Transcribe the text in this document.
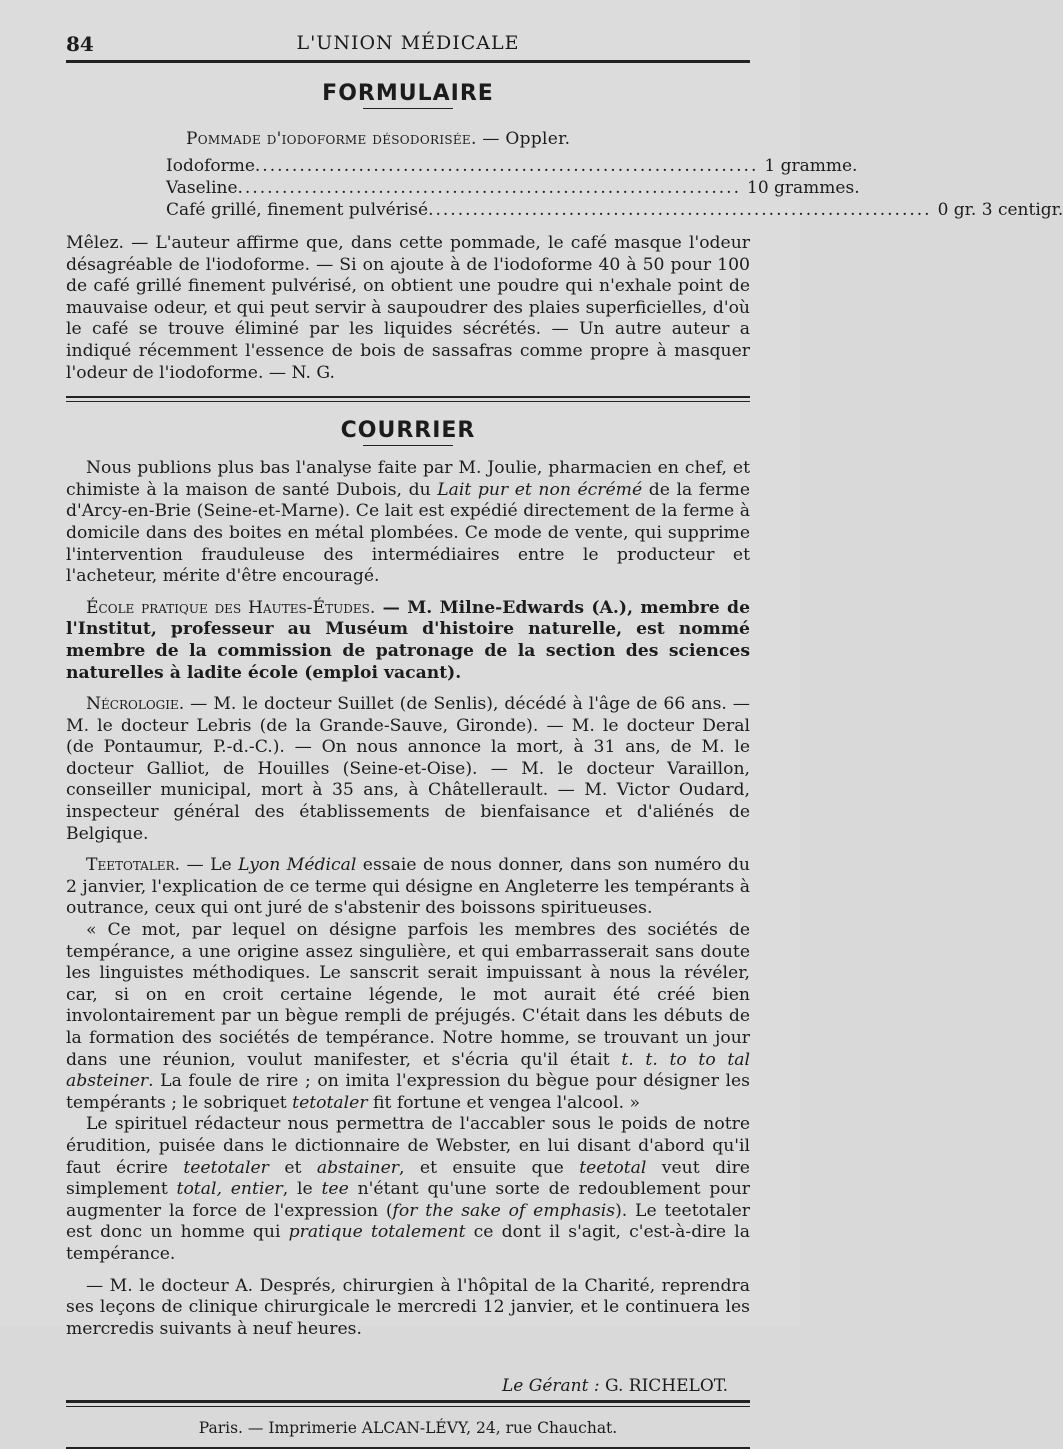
84	L'UNION MÉDICALE
FORMULAIRE
Pommade d'iodoforme désodorisée. — Oppler.
Iodoforme .................................................................... 1 gramme.
Vaseline .................................................................... 10 grammes.
Café grillé, finement pulvérisé .................................................................... 0 gr. 3 centigr.

Mêlez. — L'auteur affirme que, dans cette pommade, le café masque l'odeur désagréable de l'iodoforme. — Si on ajoute à de l'iodoforme 40 à 50 pour 100 de café grillé finement pulvérisé, on obtient une poudre qui n'exhale point de mauvaise odeur, et qui peut servir à saupoudrer des plaies superficielles, d'où le café se trouve éliminé par les liquides sécrétés. — Un autre auteur a indiqué récemment l'essence de bois de sassafras comme propre à masquer l'odeur de l'iodoforme. — N. G.

COURRIER

Nous publions plus bas l'analyse faite par M. Joulie, pharmacien en chef, et chimiste à la maison de santé Dubois, du Lait pur et non écrémé de la ferme d'Arcy-en-Brie (Seine-et-Marne). Ce lait est expédié directement de la ferme à domicile dans des boites en métal plombées. Ce mode de vente, qui supprime l'intervention frauduleuse des intermédiaires entre le producteur et l'acheteur, mérite d'être encouragé.

École pratique des Hautes-Études. — M. Milne-Edwards (A.), membre de l'Institut, professeur au Muséum d'histoire naturelle, est nommé membre de la commission de patronage de la section des sciences naturelles à ladite école (emploi vacant).

Nécrologie. — M. le docteur Suillet (de Senlis), décédé à l'âge de 66 ans. — M. le docteur Lebris (de la Grande-Sauve, Gironde). — M. le docteur Deral (de Pontaumur, P.-d.-C.). — On nous annonce la mort, à 31 ans, de M. le docteur Galliot, de Houilles (Seine-et-Oise). — M. le docteur Varaillon, conseiller municipal, mort à 35 ans, à Châtellerault. — M. Victor Oudard, inspecteur général des établissements de bienfaisance et d'aliénés de Belgique.

Teetotaler. — Le Lyon Médical essaie de nous donner, dans son numéro du 2 janvier, l'explication de ce terme qui désigne en Angleterre les tempérants à outrance, ceux qui ont juré de s'abstenir des boissons spiritueuses.

« Ce mot, par lequel on désigne parfois les membres des sociétés de tempérance, a une origine assez singulière, et qui embarrasserait sans doute les linguistes méthodiques. Le sanscrit serait impuissant à nous la révéler, car, si on en croit certaine légende, le mot aurait été créé bien involontairement par un bègue rempli de préjugés. C'était dans les débuts de la formation des sociétés de tempérance. Notre homme, se trouvant un jour dans une réunion, voulut manifester, et s'écria qu'il était t. t. to to tal absteiner. La foule de rire ; on imita l'expression du bègue pour désigner les tempérants ; le sobriquet tetotaler fit fortune et vengea l'alcool. »

Le spirituel rédacteur nous permettra de l'accabler sous le poids de notre érudition, puisée dans le dictionnaire de Webster, en lui disant d'abord qu'il faut écrire teetotaler et abstainer, et ensuite que teetotal veut dire simplement total, entier, le tee n'étant qu'une sorte de redoublement pour augmenter la force de l'expression (for the sake of emphasis). Le teetotaler est donc un homme qui pratique totalement ce dont il s'agit, c'est-à-dire la tempérance.

— M. le docteur A. Després, chirurgien à l'hôpital de la Charité, reprendra ses leçons de clinique chirurgicale le mercredi 12 janvier, et le continuera les mercredis suivants à neuf heures.

Le Gérant : G. RICHELOT.
Paris. — Imprimerie ALCAN-LÉVY, 24, rue Chauchat.
